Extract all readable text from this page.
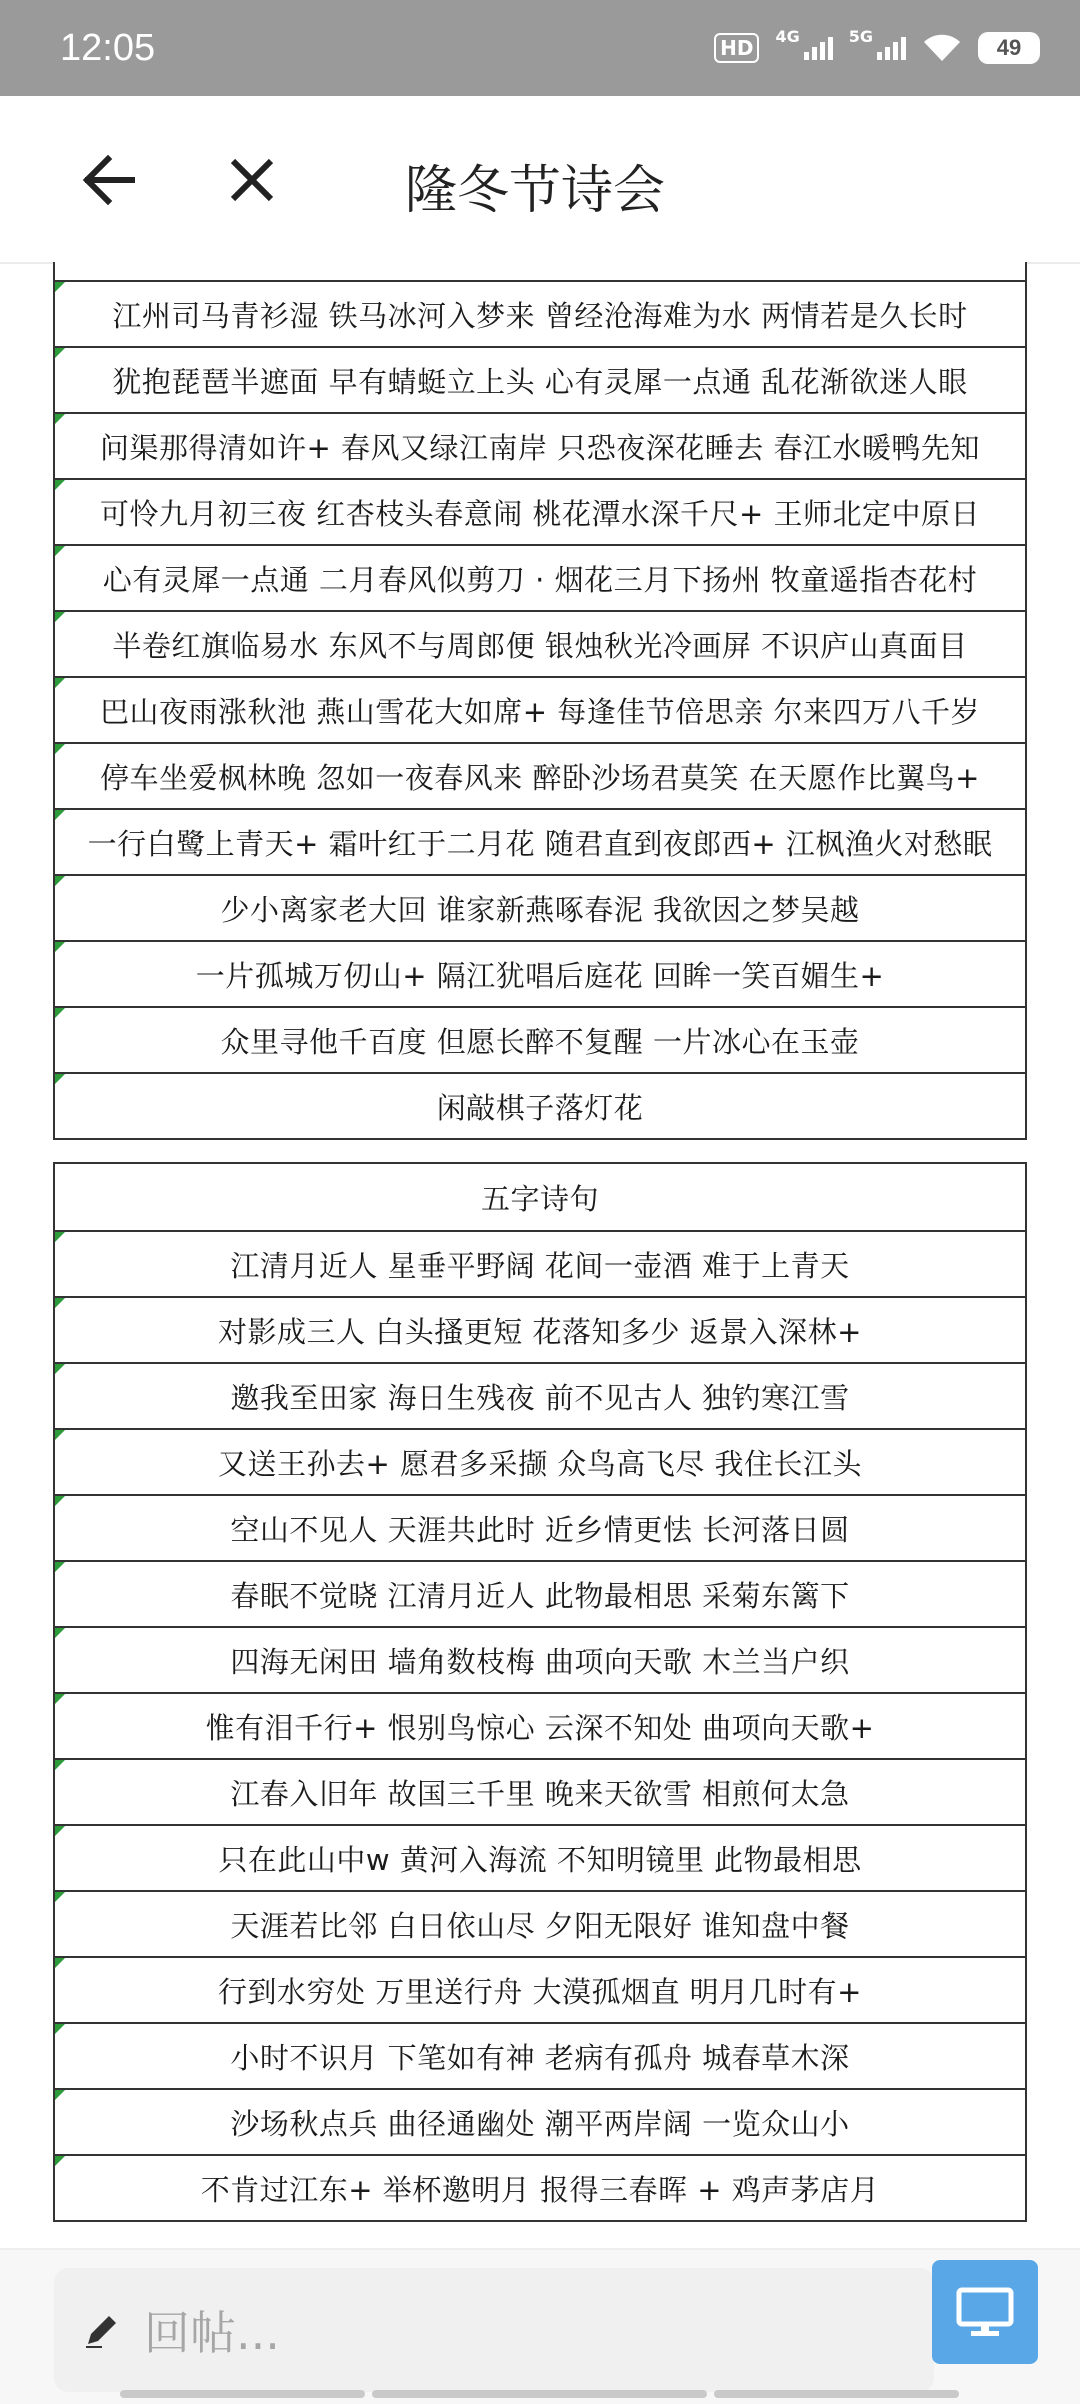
12:05	HD	4G	5G	49
隆冬节诗会
江州司马青衫湿 铁马冰河入梦来 曾经沧海难为水 两情若是久长时
犹抱琵琶半遮面 早有蜻蜓立上头 心有灵犀一点通 乱花渐欲迷人眼
问渠那得清如许+ 春风又绿江南岸 只恐夜深花睡去 春江水暖鸭先知
可怜九月初三夜 红杏枝头春意闹 桃花潭水深千尺+ 王师北定中原日
心有灵犀一点通 二月春风似剪刀 · 烟花三月下扬州 牧童遥指杏花村
半卷红旗临易水 东风不与周郎便 银烛秋光冷画屏 不识庐山真面目
巴山夜雨涨秋池 燕山雪花大如席+ 每逢佳节倍思亲 尔来四万八千岁
停车坐爱枫林晚 忽如一夜春风来 醉卧沙场君莫笑 在天愿作比翼鸟+
一行白鹭上青天+ 霜叶红于二月花 随君直到夜郎西+ 江枫渔火对愁眠
少小离家老大回 谁家新燕啄春泥 我欲因之梦吴越
一片孤城万仞山+ 隔江犹唱后庭花 回眸一笑百媚生+
众里寻他千百度 但愿长醉不复醒 一片冰心在玉壶
闲敲棋子落灯花
五字诗句
江清月近人 星垂平野阔 花间一壶酒 难于上青天
对影成三人 白头搔更短 花落知多少 返景入深林+
邀我至田家 海日生残夜 前不见古人 独钓寒江雪
又送王孙去+ 愿君多采撷 众鸟高飞尽 我住长江头
空山不见人 天涯共此时 近乡情更怯 长河落日圆
春眠不觉晓 江清月近人 此物最相思 采菊东篱下
四海无闲田 墙角数枝梅 曲项向天歌 木兰当户织
惟有泪千行+ 恨别鸟惊心 云深不知处 曲项向天歌+
江春入旧年 故国三千里 晚来天欲雪 相煎何太急
只在此山中w 黄河入海流 不知明镜里 此物最相思
天涯若比邻 白日依山尽 夕阳无限好 谁知盘中餐
行到水穷处 万里送行舟 大漠孤烟直 明月几时有+
小时不识月 下笔如有神 老病有孤舟 城春草木深
沙场秋点兵 曲径通幽处 潮平两岸阔 一览众山小
不肯过江东+ 举杯邀明月 报得三春晖 + 鸡声茅店月
回帖...
